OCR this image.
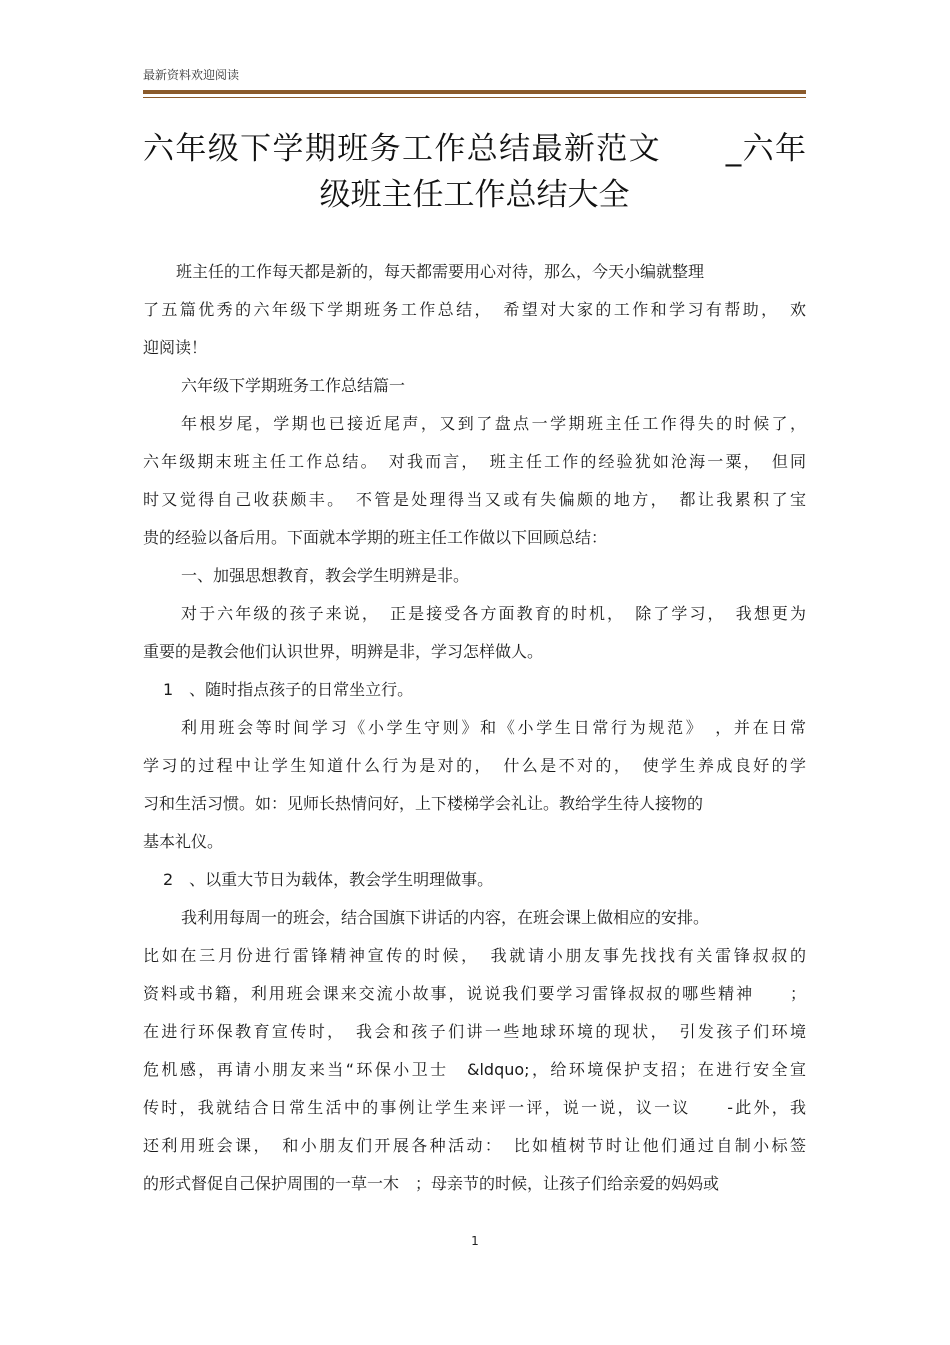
最新资料欢迎阅读
六年级下学期班务工作总结最新范文　　_六年
级班主任工作总结大全
班主任的工作每天都是新的，每天都需要用心对待，那么，今天小编就整理
了五篇优秀的六年级下学期班务工作总结，　希望对大家的工作和学习有帮助，　欢
迎阅读！
六年级下学期班务工作总结篇一
年根岁尾，学期也已接近尾声，又到了盘点一学期班主任工作得失的时候了，
六年级期末班主任工作总结。　对我而言，　班主任工作的经验犹如沧海一粟，　但同
时又觉得自己收获颇丰。　不管是处理得当又或有失偏颇的地方，　都让我累积了宝
贵的经验以备后用。下面就本学期的班主任工作做以下回顾总结：
一、加强思想教育，教会学生明辨是非。
对于六年级的孩子来说，　正是接受各方面教育的时机，　除了学习，　我想更为
重要的是教会他们认识世界，明辨是非，学习怎样做人。
1　、随时指点孩子的日常坐立行。
利用班会等时间学习《小学生守则》和《小学生日常行为规范》　，并在日常
学习的过程中让学生知道什么行为是对的，　什么是不对的，　使学生养成良好的学
习和生活习惯。如：见师长热情问好，上下楼梯学会礼让。教给学生待人接物的
基本礼仪。
2　、以重大节日为载体，教会学生明理做事。
我利用每周一的班会，结合国旗下讲话的内容，在班会课上做相应的安排。
比如在三月份进行雷锋精神宣传的时候，　我就请小朋友事先找找有关雷锋叔叔的
资料或书籍，利用班会课来交流小故事，说说我们要学习雷锋叔叔的哪些精神　　；
在进行环保教育宣传时，　我会和孩子们讲一些地球环境的现状，　引发孩子们环境
危机感，再请小朋友来当“环保小卫士　&ldquo;，给环境保护支招；在进行安全宣
传时，我就结合日常生活中的事例让学生来评一评，说一说，议一议　　-此外，我
还利用班会课，　和小朋友们开展各种活动：　比如植树节时让他们通过自制小标签
的形式督促自己保护周围的一草一木　；母亲节的时候，让孩子们给亲爱的妈妈或
1
